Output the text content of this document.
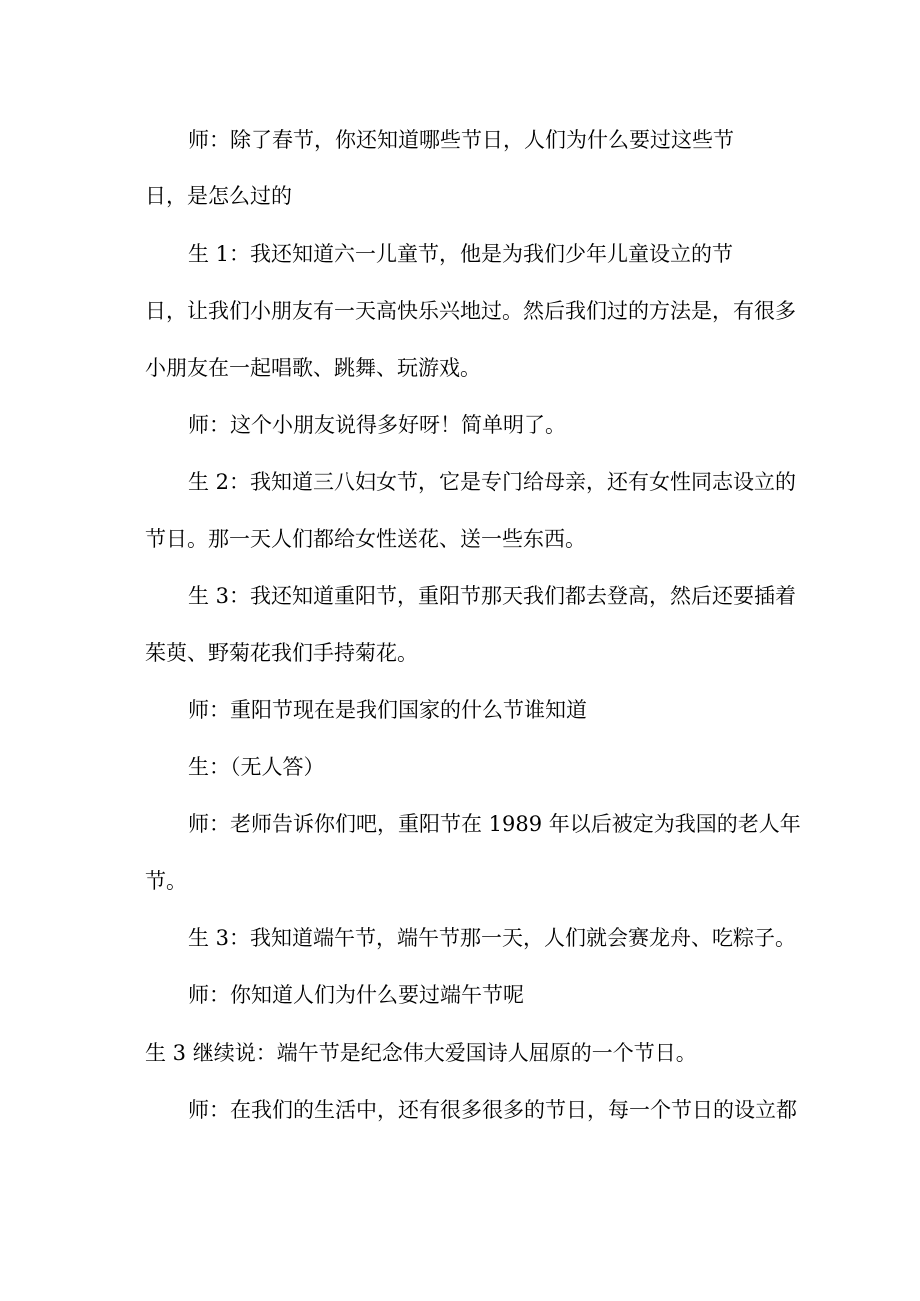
师：除了春节，你还知道哪些节日，人们为什么要过这些节
日，是怎么过的
生 1：我还知道六一儿童节，他是为我们少年儿童设立的节
日，让我们小朋友有一天高快乐兴地过。然后我们过的方法是，有很多
小朋友在一起唱歌、跳舞、玩游戏。
师：这个小朋友说得多好呀！简单明了。
生 2：我知道三八妇女节，它是专门给母亲，还有女性同志设立的
节日。那一天人们都给女性送花、送一些东西。
生 3：我还知道重阳节，重阳节那天我们都去登高，然后还要插着
茱萸、野菊花我们手持菊花。
师：重阳节现在是我们国家的什么节谁知道
生：（无人答）
师：老师告诉你们吧，重阳节在 1989 年以后被定为我国的老人年
节。
生 3：我知道端午节，端午节那一天，人们就会赛龙舟、吃粽子。
师：你知道人们为什么要过端午节呢
生 3 继续说：端午节是纪念伟大爱国诗人屈原的一个节日。
师：在我们的生活中，还有很多很多的节日，每一个节日的设立都
